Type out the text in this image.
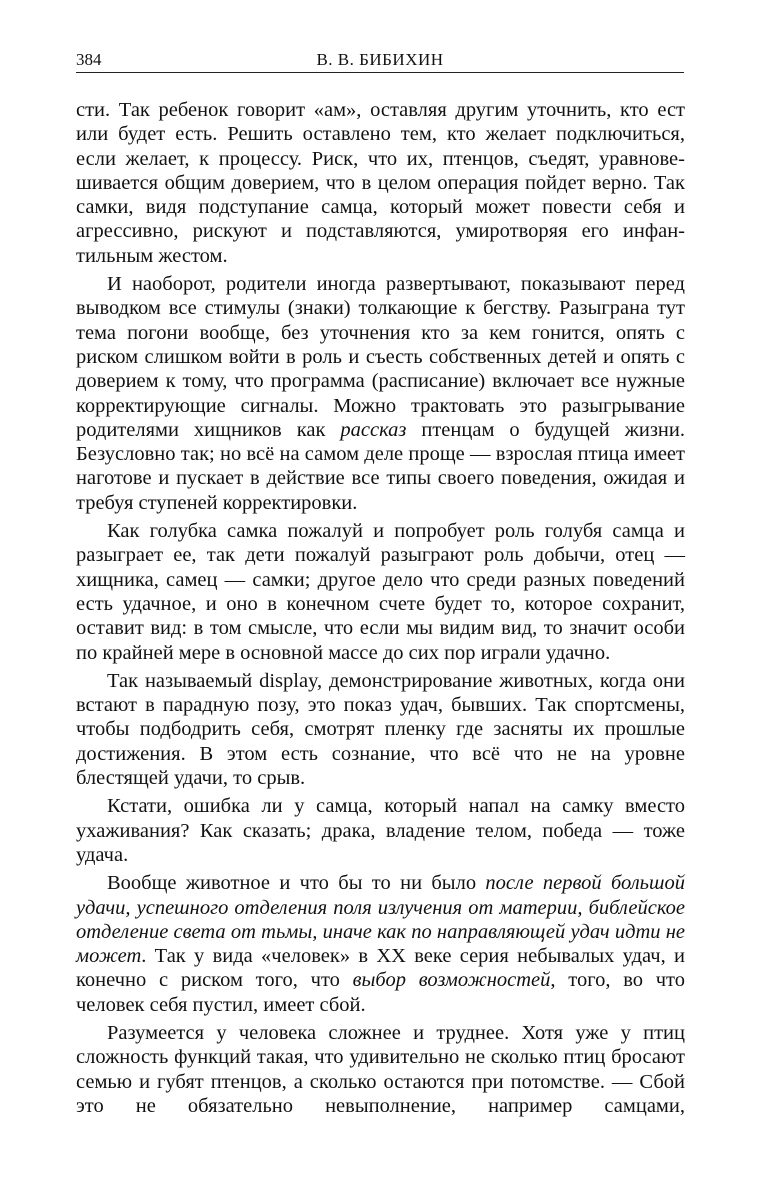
384	В. В. БИБИХИН

сти. Так ребенок говорит «ам», оставляя другим уточнить, кто ест или будет есть. Решить оставлено тем, кто желает подключиться, если желает, к процессу. Риск, что их, птенцов, съедят, уравновешивается общим доверием, что в целом операция пойдет верно. Так самки, видя подступание самца, который может повести себя и агрессивно, рискуют и подставляются, умиротворяя его инфантильным жестом.

И наоборот, родители иногда развертывают, показывают перед выводком все стимулы (знаки) толкающие к бегству. Разыграна тут тема погони вообще, без уточнения кто за кем гонится, опять с риском слишком войти в роль и съесть собственных детей и опять с доверием к тому, что программа (расписание) включает все нужные корректирующие сигналы. Можно трактовать это разыгрывание родителями хищников как рассказ птенцам о будущей жизни. Безусловно так; но всё на самом деле проще — взрослая птица имеет наготове и пускает в действие все типы своего поведения, ожидая и требуя ступеней корректировки.

Как голубка самка пожалуй и попробует роль голубя самца и разыграет ее, так дети пожалуй разыграют роль добычи, отец — хищника, самец — самки; другое дело что среди разных поведений есть удачное, и оно в конечном счете будет то, которое сохранит, оставит вид: в том смысле, что если мы видим вид, то значит особи по крайней мере в основной массе до сих пор играли удачно.

Так называемый display, демонстрирование животных, когда они встают в парадную позу, это показ удач, бывших. Так спортсмены, чтобы подбодрить себя, смотрят пленку где засняты их прошлые достижения. В этом есть сознание, что всё что не на уровне блестящей удачи, то срыв.

Кстати, ошибка ли у самца, который напал на самку вместо ухаживания? Как сказать; драка, владение телом, победа — тоже удача.

Вообще животное и что бы то ни было после первой большой удачи, успешного отделения поля излучения от материи, библейское отделение света от тьмы, иначе как по направляющей удач идти не может. Так у вида «человек» в XX веке серия небывалых удач, и конечно с риском того, что выбор возможностей, того, во что человек себя пустил, имеет сбой.

Разумеется у человека сложнее и труднее. Хотя уже у птиц сложность функций такая, что удивительно не сколько птиц бросают семью и губят птенцов, а сколько остаются при потомстве. — Сбой это не обязательно невыполнение, например самцами,
